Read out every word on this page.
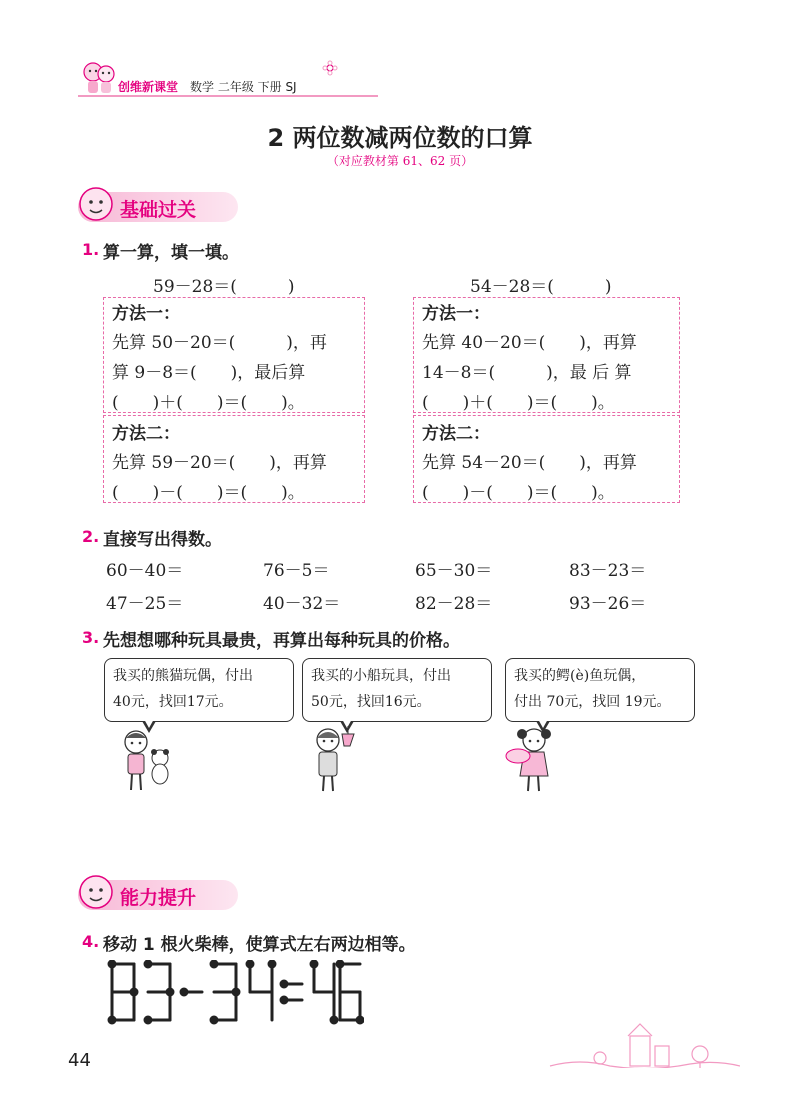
创维新课堂 数学 二年级 下册 SJ
2 两位数减两位数的口算
（对应教材第 61、62 页）
基础过关
1. 算一算，填一填。
59－28＝(　　　)	54－28＝(　　　)
方法一：
先算 50－20＝(　　　)，再
算 9－8＝(　　)，最后算
(　　)＋(　　)＝(　　)。
方法二：
先算 59－20＝(　　)，再算
(　　)－(　　)＝(　　)。
方法一：
先算 40－20＝(　　)，再算
14－8＝(　　　)，最 后 算
(　　)＋(　　)＝(　　)。
方法二：
先算 54－20＝(　　)，再算
(　　)－(　　)＝(　　)。
2. 直接写出得数。
60－40＝	76－5＝	65－30＝	83－23＝
47－25＝	40－32＝	82－28＝	93－26＝
3. 先想想哪种玩具最贵，再算出每种玩具的价格。
我买的熊猫玩偶，付出
40元，找回17元。
我买的小船玩具，付出
50元，找回16元。
我买的鳄(è)鱼玩偶，
付出 70元，找回 19元。
能力提升
4. 移动 1 根火柴棒，使算式左右两边相等。
44
